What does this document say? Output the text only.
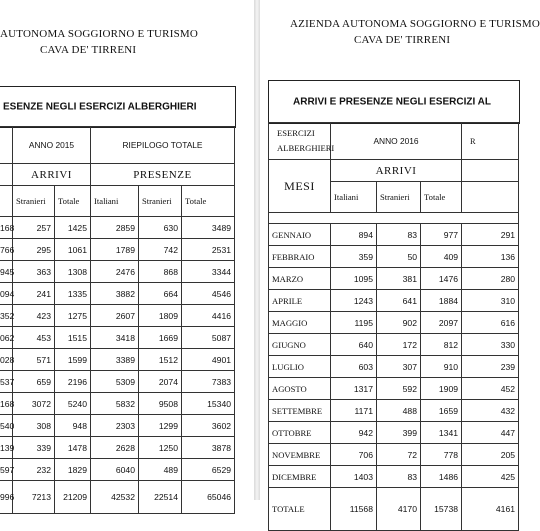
AUTONOMA SOGGIORNO E TURISMO
CAVA DE' TIRRENI
ESENZE NEGLI ESERCIZI ALBERGHIERI
	ANNO 2015		RIEPILOGO TOTALE		
	ARRIVI		PRESENZE		
	Stranieri	Totale	Italiani	Stranieri	Totale
168	257	1425	2859	630	3489
766	295	1061	1789	742	2531
945	363	1308	2476	868	3344
094	241	1335	3882	664	4546
352	423	1275	2607	1809	4416
062	453	1515	3418	1669	5087
028	571	1599	3389	1512	4901
537	659	2196	5309	2074	7383
168	3072	5240	5832	9508	15340
540	308	948	2303	1299	3602
139	339	1478	2628	1250	3878
597	232	1829	6040	489	6529
996	7213	21209	42532	22514	65046
AZIENDA AUTONOMA SOGGIORNO E TURISMO
CAVA DE' TIRRENI
ARRIVI E PRESENZE NEGLI ESERCIZI AL
ESERCIZI
ALBERGHIERI	ANNO 2016			R
MESI	ARRIVI			
	Italiani	Stranieri	Totale	

GENNAIO	894	83	977	291
FEBBRAIO	359	50	409	136
MARZO	1095	381	1476	280
APRILE	1243	641	1884	310
MAGGIO	1195	902	2097	616
GIUGNO	640	172	812	330
LUGLIO	603	307	910	239
AGOSTO	1317	592	1909	452
SETTEMBRE	1171	488	1659	432
OTTOBRE	942	399	1341	447
NOVEMBRE	706	72	778	205
DICEMBRE	1403	83	1486	425
TOTALE	11568	4170	15738	4161
